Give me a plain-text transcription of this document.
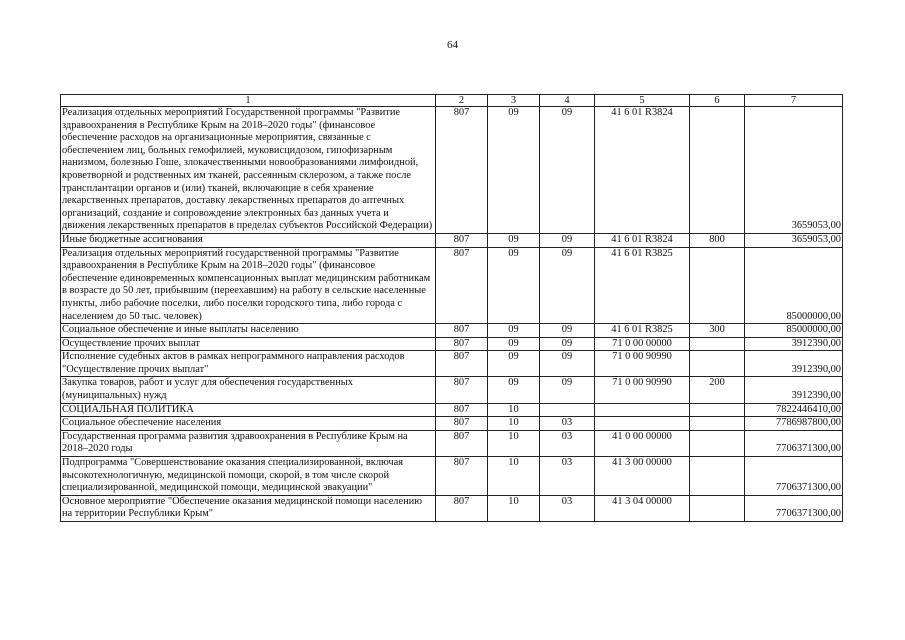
64
1	2	3	4	5	6	7
Реализация отдельных мероприятий Государственной программы "Развитие здравоохранения в Республике Крым на 2018–2020 годы" (финансовое обеспечение расходов на организационные мероприятия, связанные с обеспечением лиц, больных гемофилией, муковисцидозом, гипофизарным нанизмом, болезнью Гоше, злокачественными новообразованиями лимфоидной, кроветворной и родственных им тканей, рассеянным склерозом, а также после трансплантации органов и (или) тканей, включающие в себя хранение лекарственных препаратов, доставку лекарственных препаратов до аптечных организаций, создание и сопровождение электронных баз данных учета и движения лекарственных препаратов в пределах субъектов Российской Федерации)	807	09	09	41 6 01 R3824		3659053,00
Иные бюджетные ассигнования	807	09	09	41 6 01 R3824	800	3659053,00
Реализация отдельных мероприятий государственной программы "Развитие здравоохранения в Республике Крым на 2018–2020 годы" (финансовое обеспечение единовременных компенсационных выплат медицинским работникам в возрасте до 50 лет, прибывшим (переехавшим) на работу в сельские населенные пункты, либо рабочие поселки, либо поселки городского типа, либо города с населением до 50 тыс. человек)	807	09	09	41 6 01 R3825		85000000,00
Социальное обеспечение и иные выплаты населению	807	09	09	41 6 01 R3825	300	85000000,00
Осуществление прочих выплат	807	09	09	71 0 00 00000		3912390,00
Исполнение судебных актов в рамках непрограммного направления расходов "Осуществление прочих выплат"	807	09	09	71 0 00 90990		3912390,00
Закупка товаров, работ и услуг для обеспечения государственных (муниципальных) нужд	807	09	09	71 0 00 90990	200	3912390,00
СОЦИАЛЬНАЯ ПОЛИТИКА	807	10				7822446410,00
Социальное обеспечение населения	807	10	03			7786987800,00
Государственная программа развития здравоохранения в Республике Крым на 2018–2020 годы	807	10	03	41 0 00 00000		7706371300,00
Подпрограмма "Совершенствование оказания специализированной, включая высокотехнологичную, медицинской помощи, скорой, в том числе скорой специализированной, медицинской помощи, медицинской эвакуации"	807	10	03	41 3 00 00000		7706371300,00
Основное мероприятие "Обеспечение оказания медицинской помощи населению на территории Республики Крым"	807	10	03	41 3 04 00000		7706371300,00
